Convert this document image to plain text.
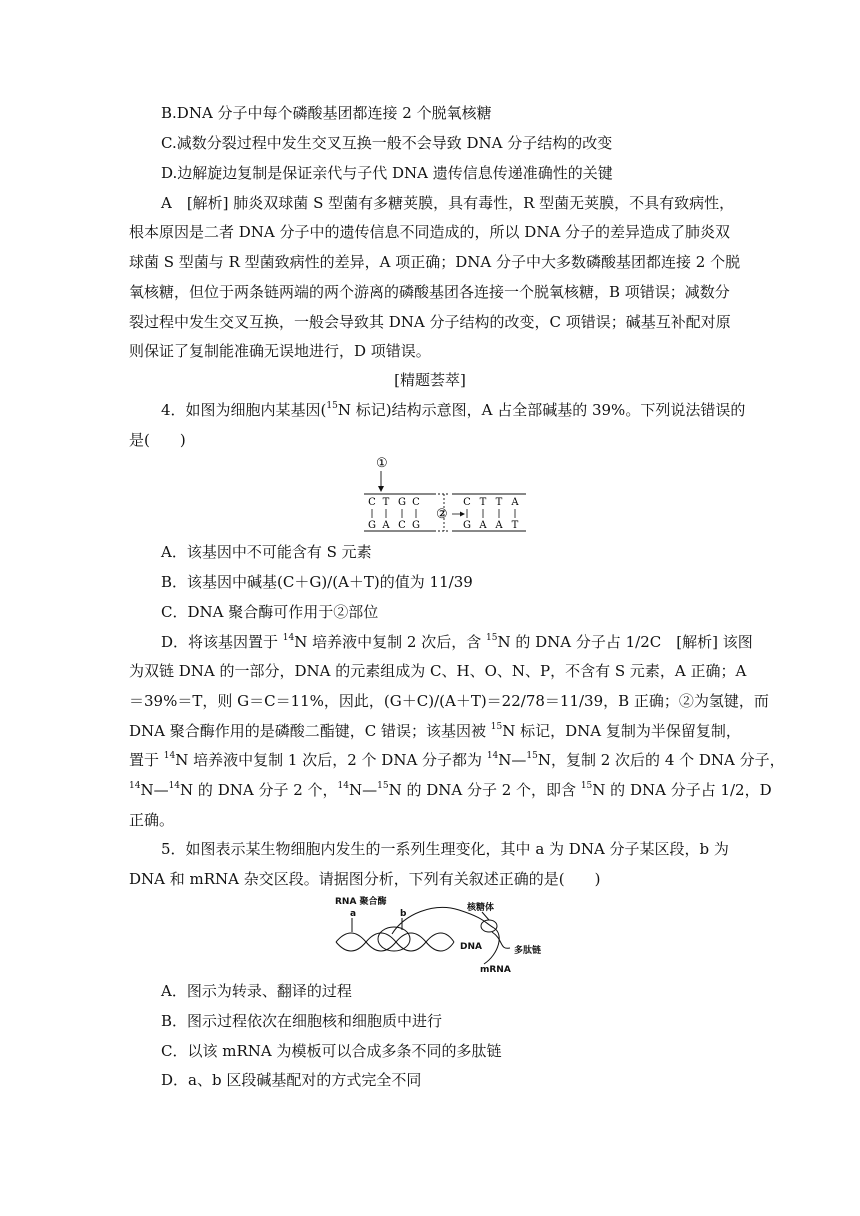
B.DNA 分子中每个磷酸基团都连接 2 个脱氧核糖
C.减数分裂过程中发生交叉互换一般不会导致 DNA 分子结构的改变
D.边解旋边复制是保证亲代与子代 DNA 遗传信息传递准确性的关键
A　[解析] 肺炎双球菌 S 型菌有多糖荚膜，具有毒性，R 型菌无荚膜，不具有致病性，
根本原因是二者 DNA 分子中的遗传信息不同造成的，所以 DNA 分子的差异造成了肺炎双
球菌 S 型菌与 R 型菌致病性的差异，A 项正确；DNA 分子中大多数磷酸基团都连接 2 个脱
氧核糖，但位于两条链两端的两个游离的磷酸基团各连接一个脱氧核糖，B 项错误；减数分
裂过程中发生交叉互换，一般会导致其 DNA 分子结构的改变，C 项错误；碱基互补配对原
则保证了复制能准确无误地进行，D 项错误。
[精题荟萃]
4．如图为细胞内某基因($^{15}$N 标记)结构示意图，A 占全部碱基的 39%。下列说法错误的
是(　　)
①
C T G C	C T T A
G A C G	G A A T
②
A．该基因中不可能含有 S 元素
B．该基因中碱基(C＋G)/(A＋T)的值为 11/39
C．DNA 聚合酶可作用于②部位
D．将该基因置于 $^{14}$N 培养液中复制 2 次后，含 $^{15}$N 的 DNA 分子占 1/2C　[解析] 该图
为双链 DNA 的一部分，DNA 的元素组成为 C、H、O、N、P，不含有 S 元素，A 正确；A
＝39%＝T，则 G＝C＝11%，因此，(G＋C)/(A＋T)＝22/78＝11/39，B 正确；②为氢键，而
DNA 聚合酶作用的是磷酸二酯键，C 错误；该基因被 $^{15}$N 标记，DNA 复制为半保留复制，
置于 $^{14}$N 培养液中复制 1 次后，2 个 DNA 分子都为 $^{14}$N—$^{15}$N，复制 2 次后的 4 个 DNA 分子，
$^{14}$N—$^{14}$N 的 DNA 分子 2 个，$^{14}$N—$^{15}$N 的 DNA 分子 2 个，即含 $^{15}$N 的 DNA 分子占 1/2，D
正确。
5．如图表示某生物细胞内发生的一系列生理变化，其中 a 为 DNA 分子某区段，b 为
DNA 和 mRNA 杂交区段。请据图分析，下列有关叙述正确的是(　　)
RNA 聚合酶
a	b
核糖体
DNA	多肽链
mRNA
A．图示为转录、翻译的过程
B．图示过程依次在细胞核和细胞质中进行
C．以该 mRNA 为模板可以合成多条不同的多肽链
D．a、b 区段碱基配对的方式完全不同
